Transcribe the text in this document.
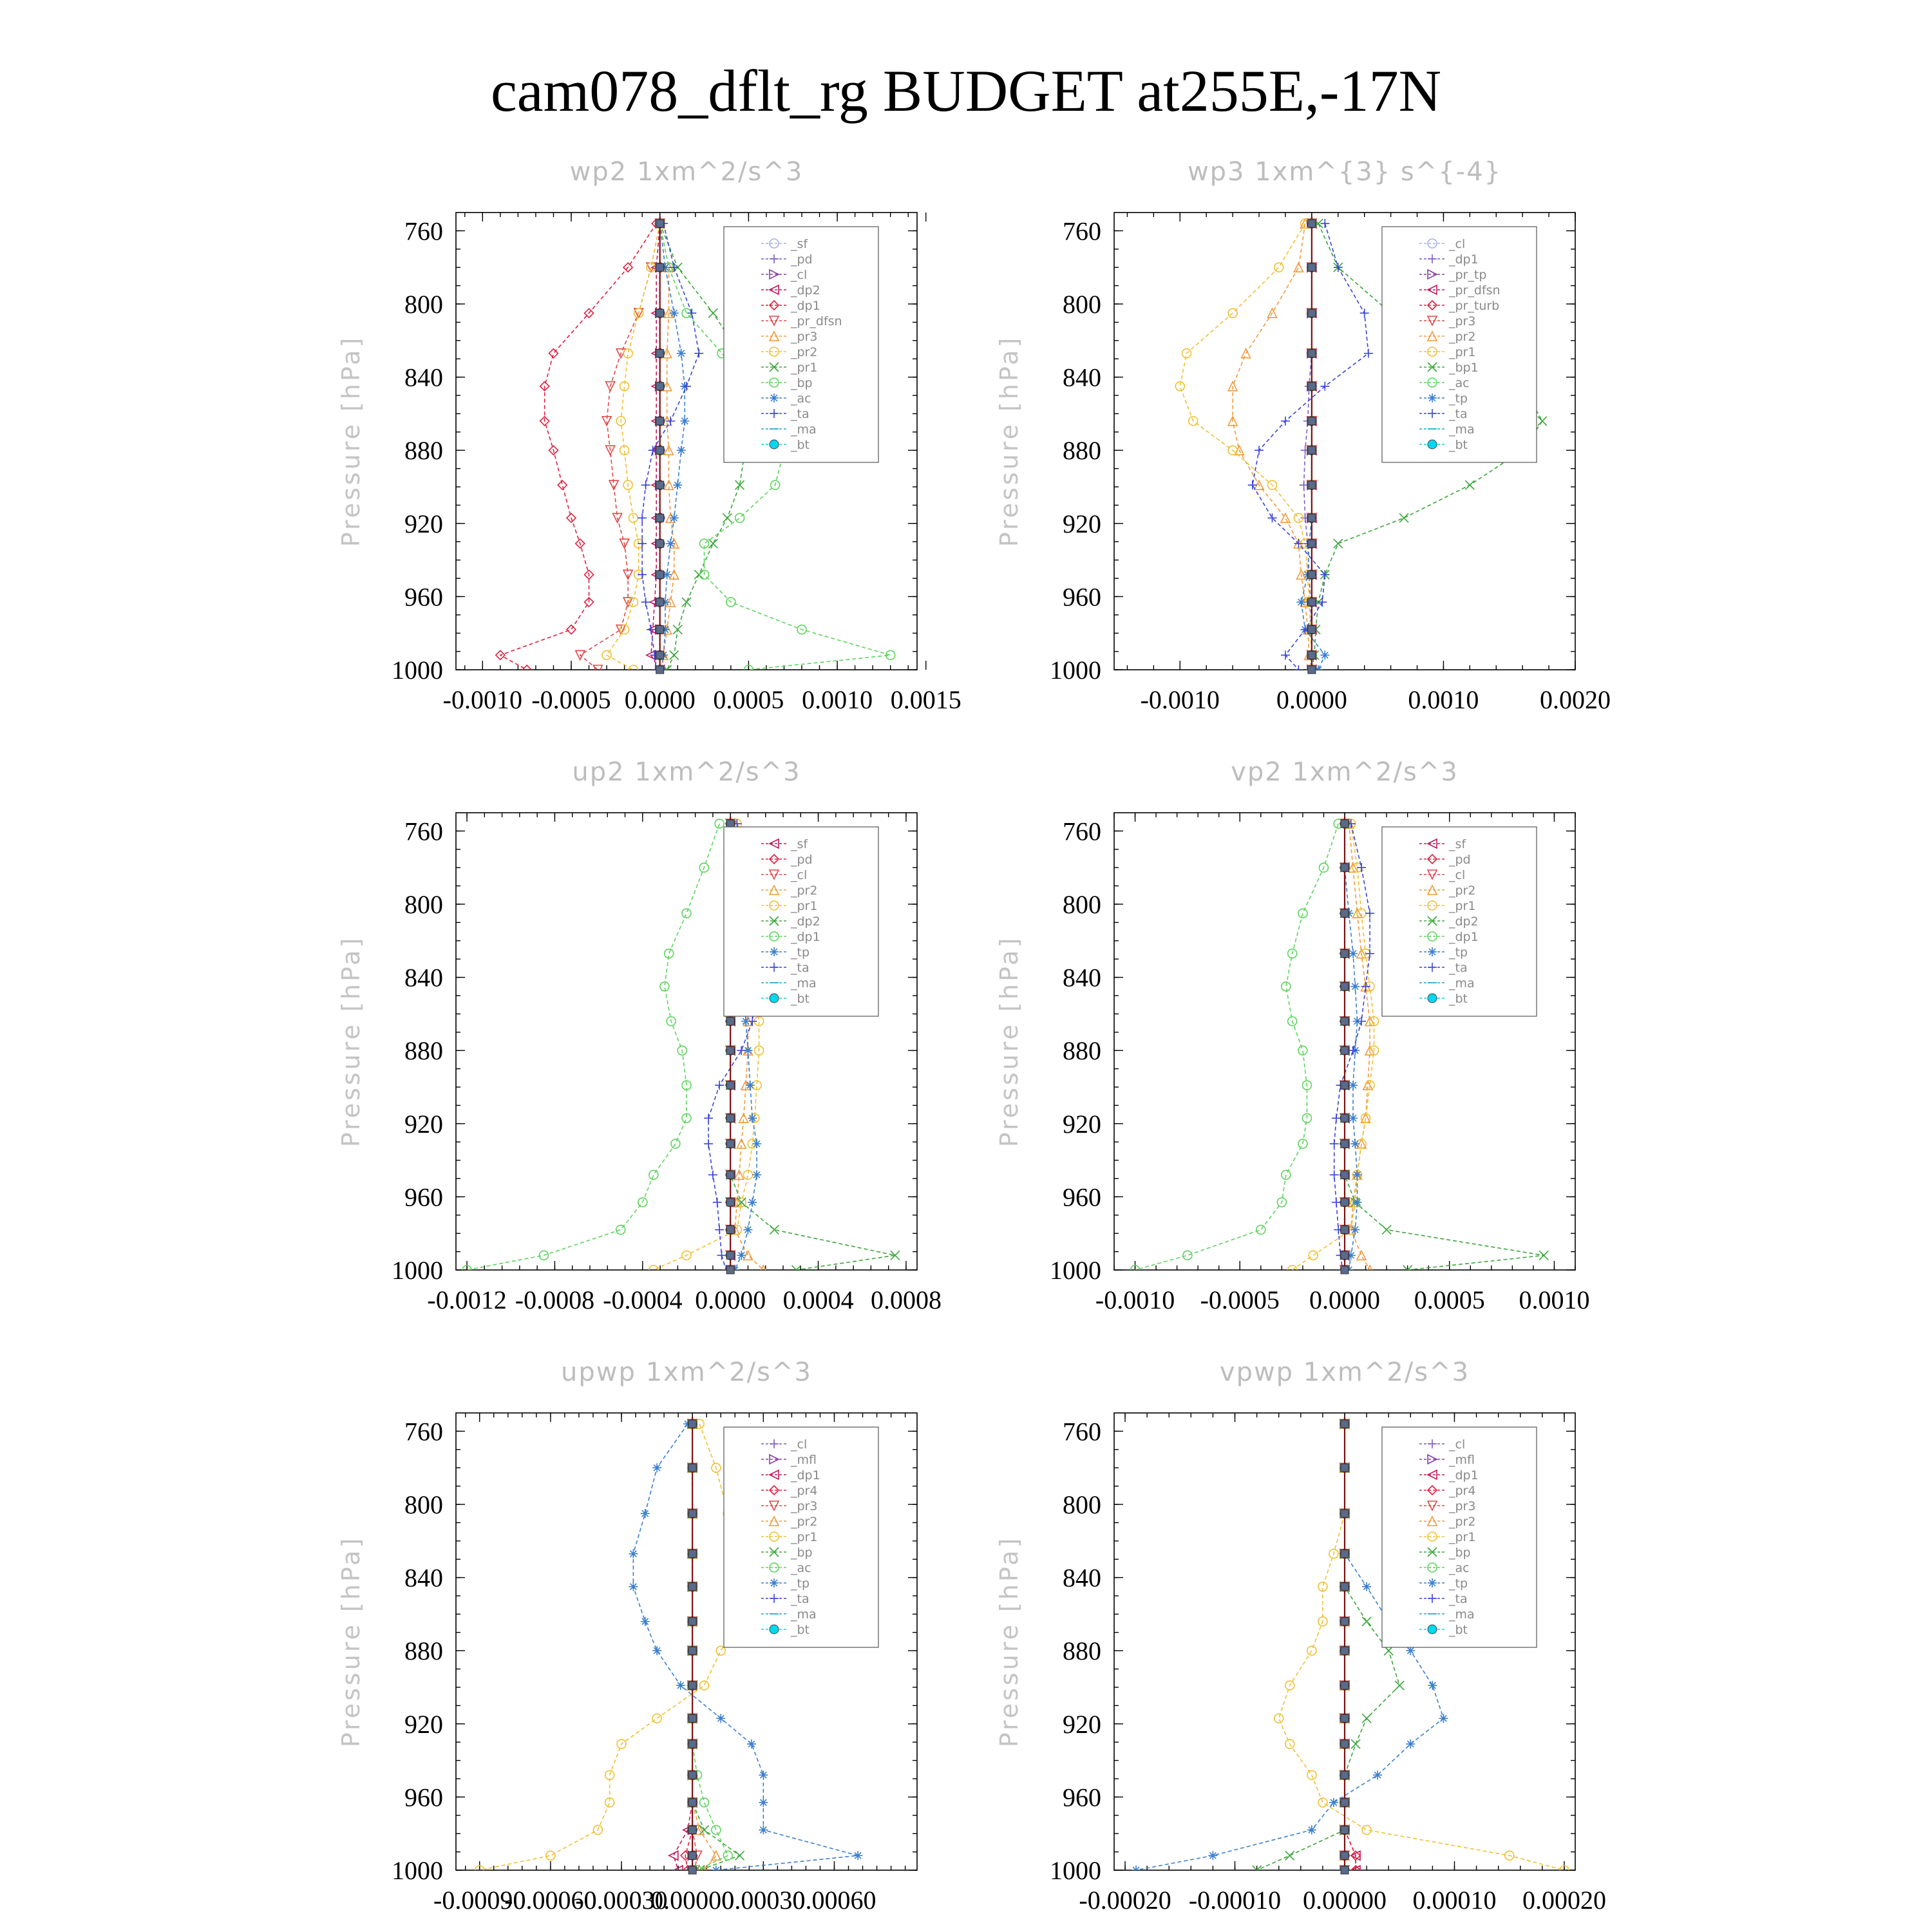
cam078_dflt_rg BUDGET at255E,-17N
wp2 1xm^2/s^3
Pressure [hPa]
760
800
840
880
920
960
1000
-0.0010 -0.0005 0.0000 0.0005 0.0010 0.0015
_sf
_pd
_cl
_dp2
_dp1
_pr_dfsn
_pr3
_pr2
_pr1
_bp
_ac
_ta
_ma
_bt
wp3 1xm^{3} s^{-4}
Pressure [hPa]
760
800
840
880
920
960
1000
-0.0010 0.0000 0.0010 0.0020
_cl
_dp1
_pr_tp
_pr_dfsn
_pr_turb
_pr3
_pr2
_pr1
_bp1
_ac
_tp
_ta
_ma
_bt
up2 1xm^2/s^3
Pressure [hPa]
760
800
840
880
920
960
1000
-0.0012 -0.0008 -0.0004 0.0000 0.0004 0.0008
_sf
_pd
_cl
_pr2
_pr1
_dp2
_dp1
_tp
_ta
_ma
_bt
vp2 1xm^2/s^3
Pressure [hPa]
760
800
840
880
920
960
1000
-0.0010 -0.0005 0.0000 0.0005 0.0010
_sf
_pd
_cl
_pr2
_pr1
_dp2
_dp1
_tp
_ta
_ma
_bt
upwp 1xm^2/s^3
Pressure [hPa]
760
800
840
880
920
960
1000
-0.00090
-0.00060
-0.00030
0.00000
0.00030
0.00060
_cl
_mfl
_dp1
_pr4
_pr3
_pr2
_pr1
_bp
_ac
_tp
_ta
_ma
_bt
vpwp 1xm^2/s^3
Pressure [hPa]
760
800
840
880
920
960
1000
-0.00020 -0.00010 0.00000 0.00010 0.00020
_cl
_mfl
_dp1
_pr4
_pr3
_pr2
_pr1
_bp
_ac
_tp
_ta
_ma
_bt
